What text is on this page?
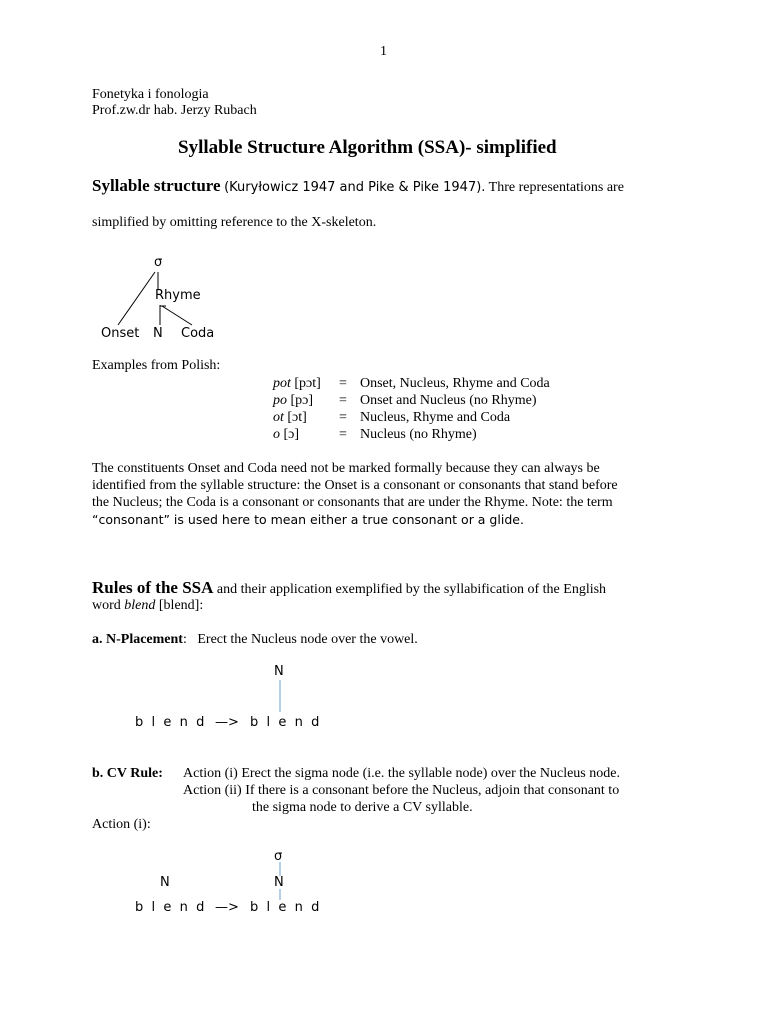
1
Fonetyka i fonologia
Prof.zw.dr hab. Jerzy Rubach
Syllable Structure Algorithm (SSA)- simplified
Syllable structure (Kuryłowicz 1947 and Pike & Pike 1947). Thre representations are
simplified by omitting reference to the X-skeleton.
σ
Rhyme
Onset N Coda
Examples from Polish:
pot [pɔt] = Onset, Nucleus, Rhyme and Coda
po [pɔ] = Onset and Nucleus (no Rhyme)
ot [ɔt] = Nucleus, Rhyme and Coda
o [ɔ]	= Nucleus (no Rhyme)
The constituents Onset and Coda need not be marked formally because they can always be
identified from the syllable structure: the Onset is a consonant or consonants that stand before
the Nucleus; the Coda is a consonant or consonants that are under the Rhyme. Note: the term
“consonant” is used here to mean either a true consonant or a glide.
Rules of the SSA and their application exemplified by the syllabification of the English
word blend [blend]:
a. N-Placement:   Erect the Nucleus node over the vowel.
N
b  l  e  n  d —> b  l  e  n  d
b. CV Rule: Action (i) Erect the sigma node (i.e. the syllable node) over the Nucleus node.
Action (ii) If there is a consonant before the Nucleus, adjoin that consonant to
the sigma node to derive a CV syllable.
Action (i):
σ
N	N
b  l  e  n  d —> b  l  e  n  d
